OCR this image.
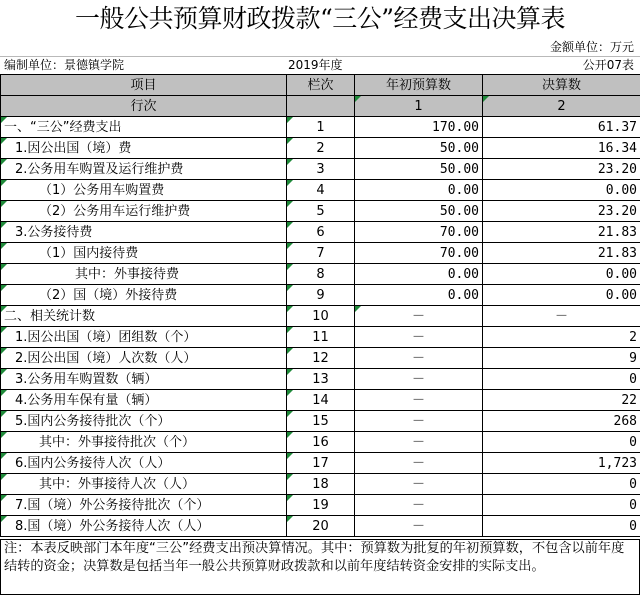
一般公共预算财政拨款“三公”经费支出决算表
金额单位：万元
编制单位：景德镇学院	2019年度	公开07表
项目	栏次	年初预算数	决算数
行次		1	2
一、“三公”经费支出	1	170.00	61.37
1.因公出国（境）费	2	50.00	16.34
2.公务用车购置及运行维护费	3	50.00	23.20
（1）公务用车购置费	4	0.00	0.00
（2）公务用车运行维护费	5	50.00	23.20
3.公务接待费	6	70.00	21.83
（1）国内接待费	7	70.00	21.83
其中：外事接待费	8	0.00	0.00
（2）国（境）外接待费	9	0.00	0.00
二、相关统计数	10	－	－
1.因公出国（境）团组数（个）	11	－	2
2.因公出国（境）人次数（人）	12	－	9
3.公务用车购置数（辆）	13	－	0
4.公务用车保有量（辆）	14	－	22
5.国内公务接待批次（个）	15	－	268
其中：外事接待批次（个）	16	－	0
6.国内公务接待人次（人）	17	－	1,723
其中：外事接待人次（人）	18	－	0
7.国（境）外公务接待批次（个）	19	－	0
8.国（境）外公务接待人次（人）	20	－	0
注：本表反映部门本年度“三公”经费支出预决算情况。其中：预算数为批复的年初预算数，不包含以前年度结转的资金；决算数是包括当年一般公共预算财政拨款和以前年度结转资金安排的实际支出。
